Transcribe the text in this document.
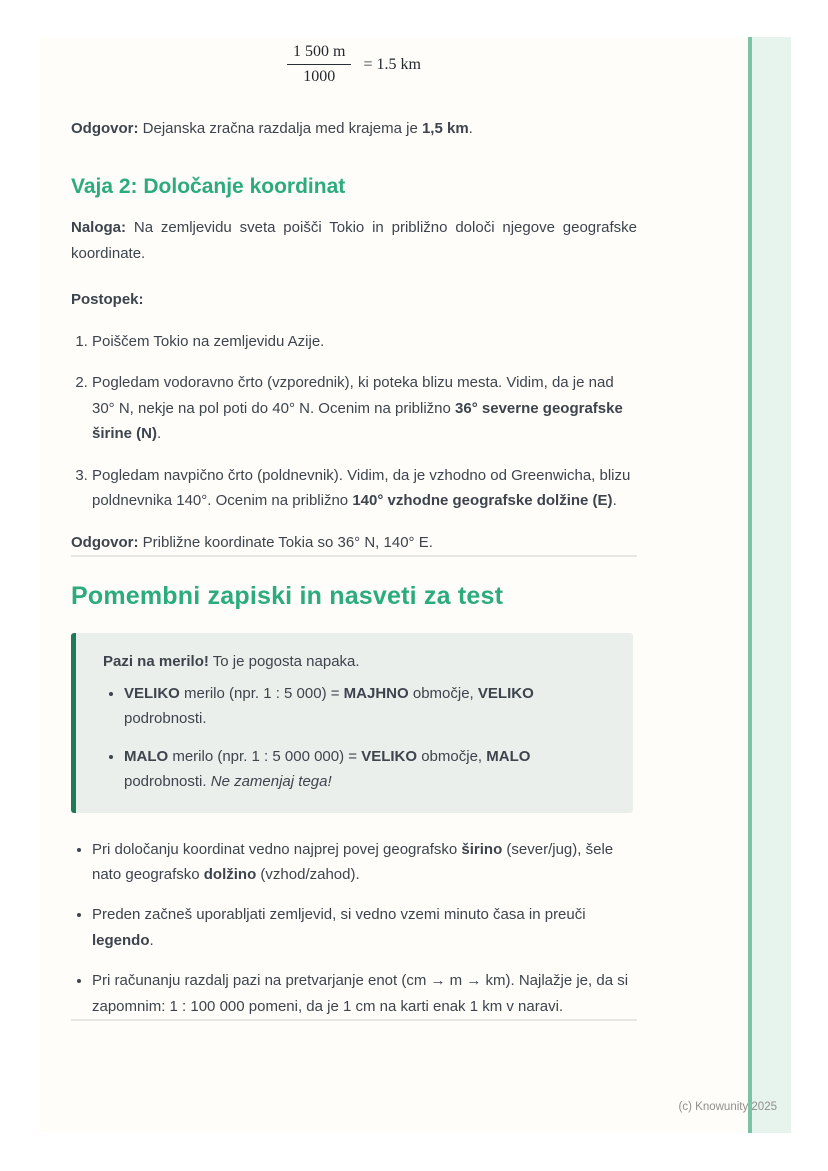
$\frac{1 500 m}{1000} = 1.5$ km

Odgovor: Dejanska zračna razdalja med krajema je 1,5 km.

Vaja 2: Določanje koordinat

Naloga: Na zemljevidu sveta poišči Tokio in približno določi njegove geografske koordinate.

Postopek:

1. Poiščem Tokio na zemljevidu Azije.
2. Pogledam vodoravno črto (vzporednik), ki poteka blizu mesta. Vidim, da je nad 30° N, nekje na pol poti do 40° N. Ocenim na približno 36° severne geografske širine (N).
3. Pogledam navpično črto (poldnevnik). Vidim, da je vzhodno od Greenwicha, blizu poldnevnika 140°. Ocenim na približno 140° vzhodne geografske dolžine (E).

Odgovor: Približne koordinate Tokia so 36° N, 140° E.

Pomembni zapiski in nasveti za test

Pazi na merilo! To je pogosta napaka.

• VELIKO merilo (npr. 1 : 5 000) = MAJHNO območje, VELIKO podrobnosti.
• MALO merilo (npr. 1 : 5 000 000) = VELIKO območje, MALO podrobnosti. Ne zamenjaj tega!
• Pri določanju koordinat vedno najprej povej geografsko širino (sever/jug), šele nato geografsko dolžino (vzhod/zahod).
• Preden začneš uporabljati zemljevid, si vedno vzemi minuto časa in preuči legendo.
• Pri računanju razdalj pazi na pretvarjanje enot (cm → m → km). Najlažje je, da si zapomnim: 1 : 100 000 pomeni, da je 1 cm na karti enak 1 km v naravi.
(c) Knowunity 2025
